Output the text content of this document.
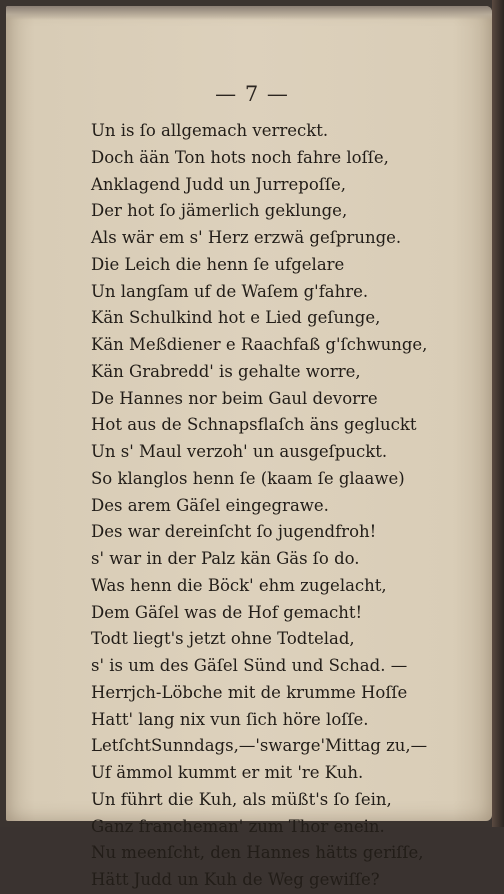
— 7 —
Un is ſo allgemach verreckt.
Doch ään Ton hots noch fahre loſſe,
Anklagend Judd un Jurrepoſſe,
Der hot ſo jämerlich geklunge,
Als wär em s' Herz erzwä geſprunge.
Die Leich die henn ſe ufgelare
Un langſam uf de Waſem g'fahre.
Kän Schulkind hot e Lied geſunge,
Kän Meßdiener e Raachfaß g'ſchwunge,
Kän Grabredd' is gehalte worre,
De Hannes nor beim Gaul devorre
Hot aus de Schnapsflaſch äns gegluckt
Un s' Maul verzoh' un ausgeſpuckt.
So klanglos henn ſe (kaam ſe glaawe)
Des arem Gäſel eingegrawe.
Des war dereinſcht ſo jugendfroh!
s' war in der Palz kän Gäs ſo do.
Was henn die Böck' ehm zugelacht,
Dem Gäſel was de Hof gemacht!
Todt liegt's jetzt ohne Todtelad,
s' is um des Gäſel Sünd und Schad. —
Herrjch-Löbche mit de krumme Hoſſe
Hatt' lang nix vun ſich höre loſſe.
LetſchtSunndags,—'swarge'Mittag zu,—
Uf ämmol kummt er mit 're Kuh.
Un führt die Kuh, als müßt's ſo ſein,
Ganz francheman' zum Thor enein.
Nu meenſcht, den Hannes hätts geriſſe,
Hätt Judd un Kuh de Weg gewiſſe?
